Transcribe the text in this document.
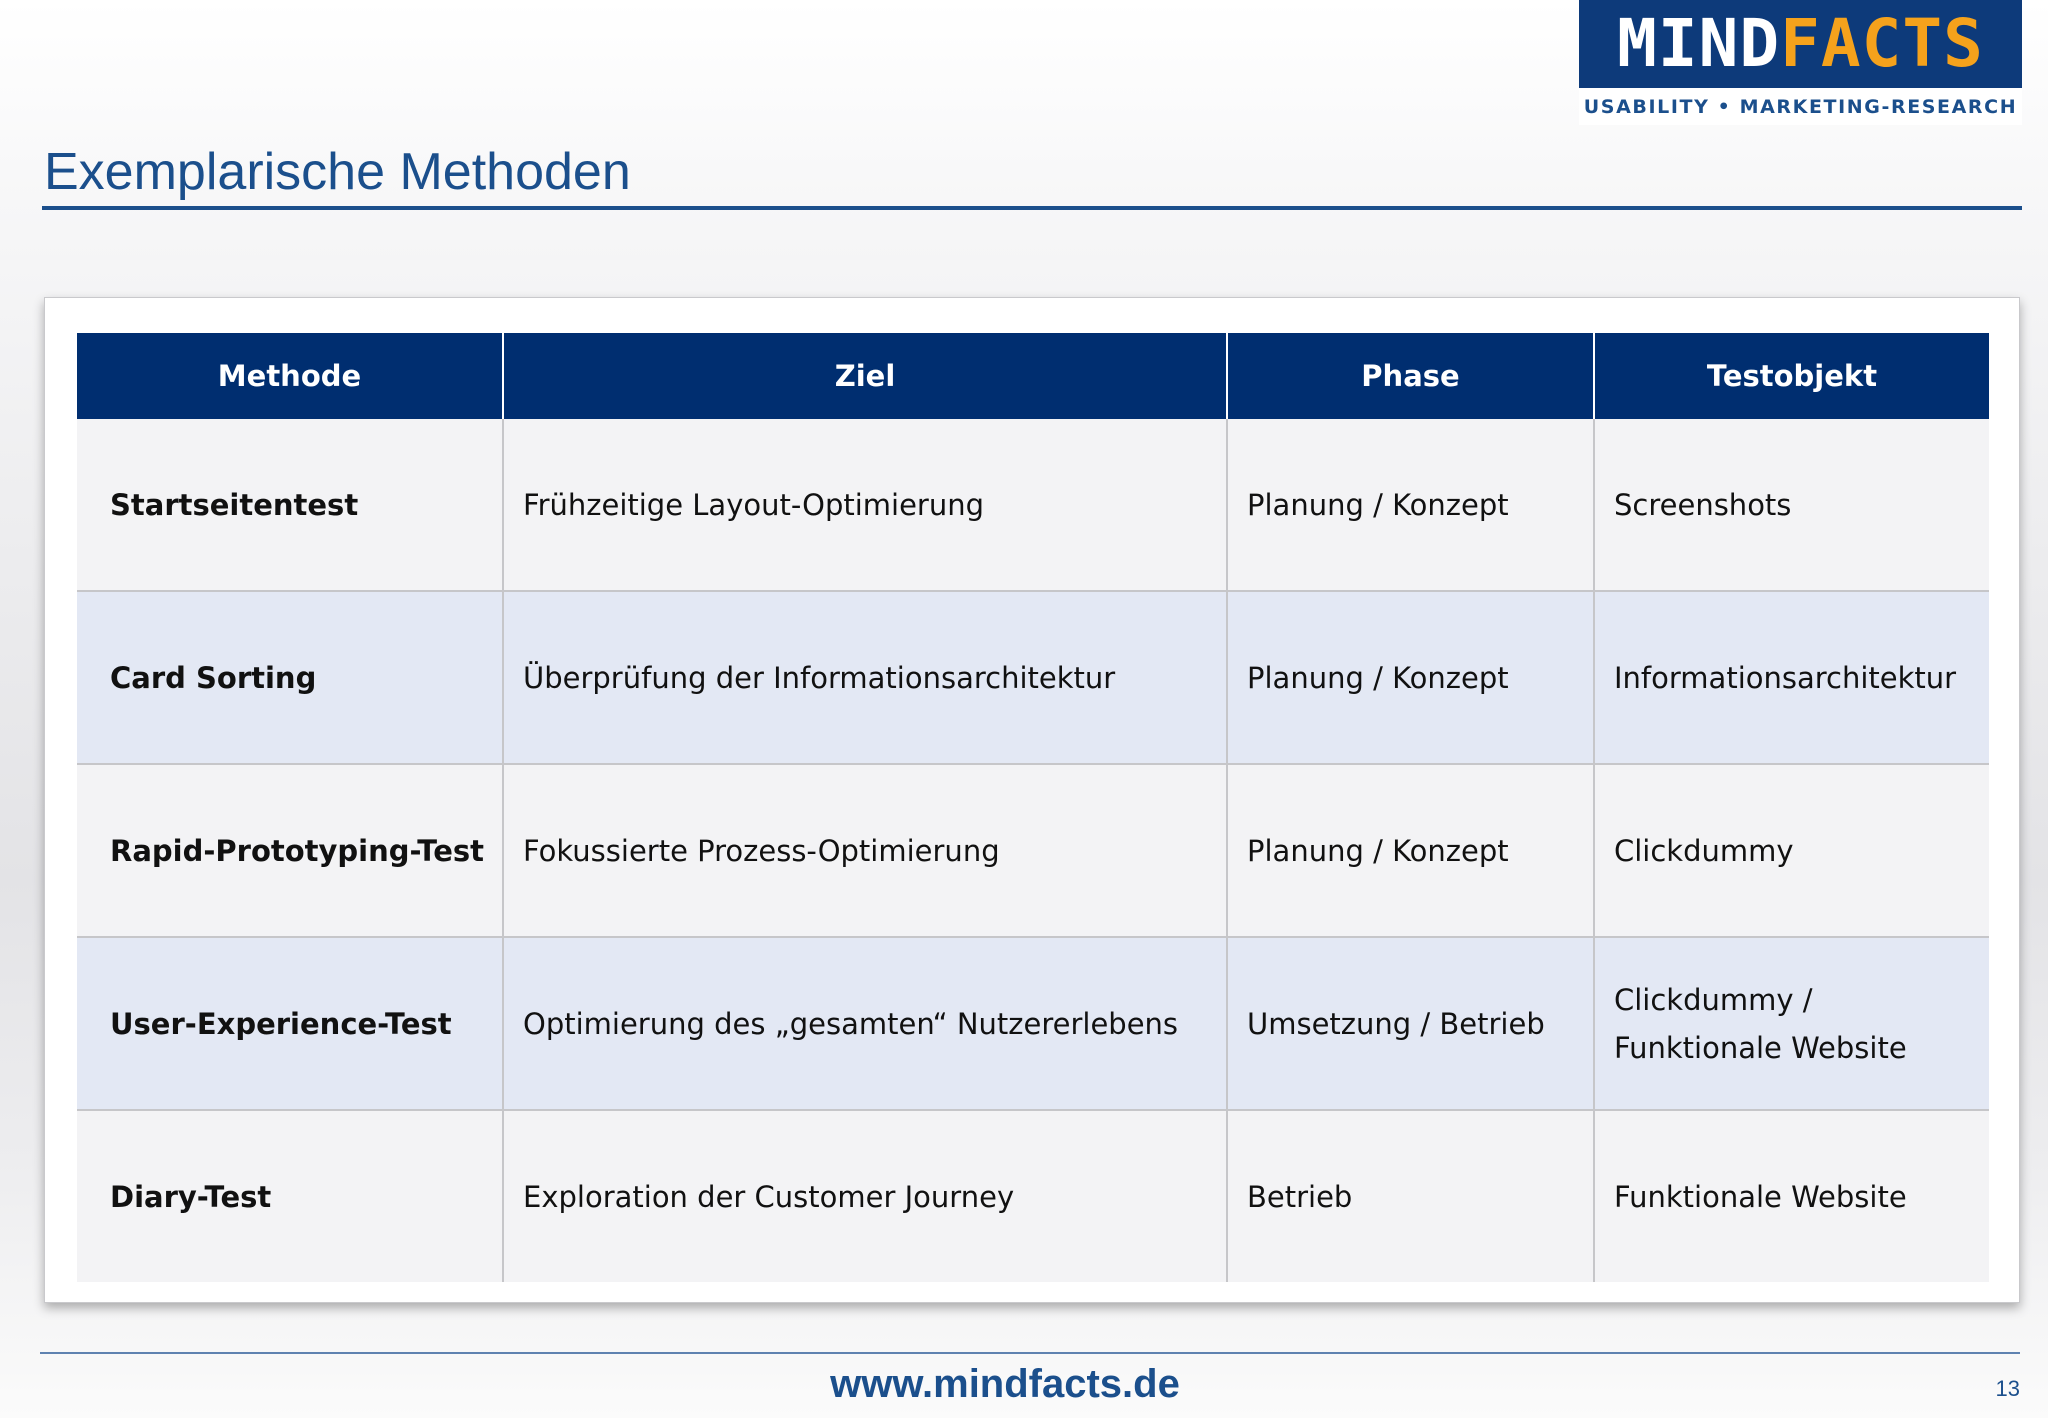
MIND FACTS
USABILITY • MARKETING-RESEARCH
Exemplarische Methoden
Methode	Ziel	Phase	Testobjekt
Startseitentest	Frühzeitige Layout-Optimierung	Planung / Konzept	Screenshots
Card Sorting	Überprüfung der Informationsarchitektur	Planung / Konzept	Informationsarchitektur
Rapid-Prototyping-Test	Fokussierte Prozess-Optimierung	Planung / Konzept	Clickdummy
User-Experience-Test	Optimierung des „gesamten“ Nutzererlebens	Umsetzung / Betrieb	Clickdummy /
Funktionale Website
Diary-Test	Exploration der Customer Journey	Betrieb	Funktionale Website
www.mindfacts.de	13
